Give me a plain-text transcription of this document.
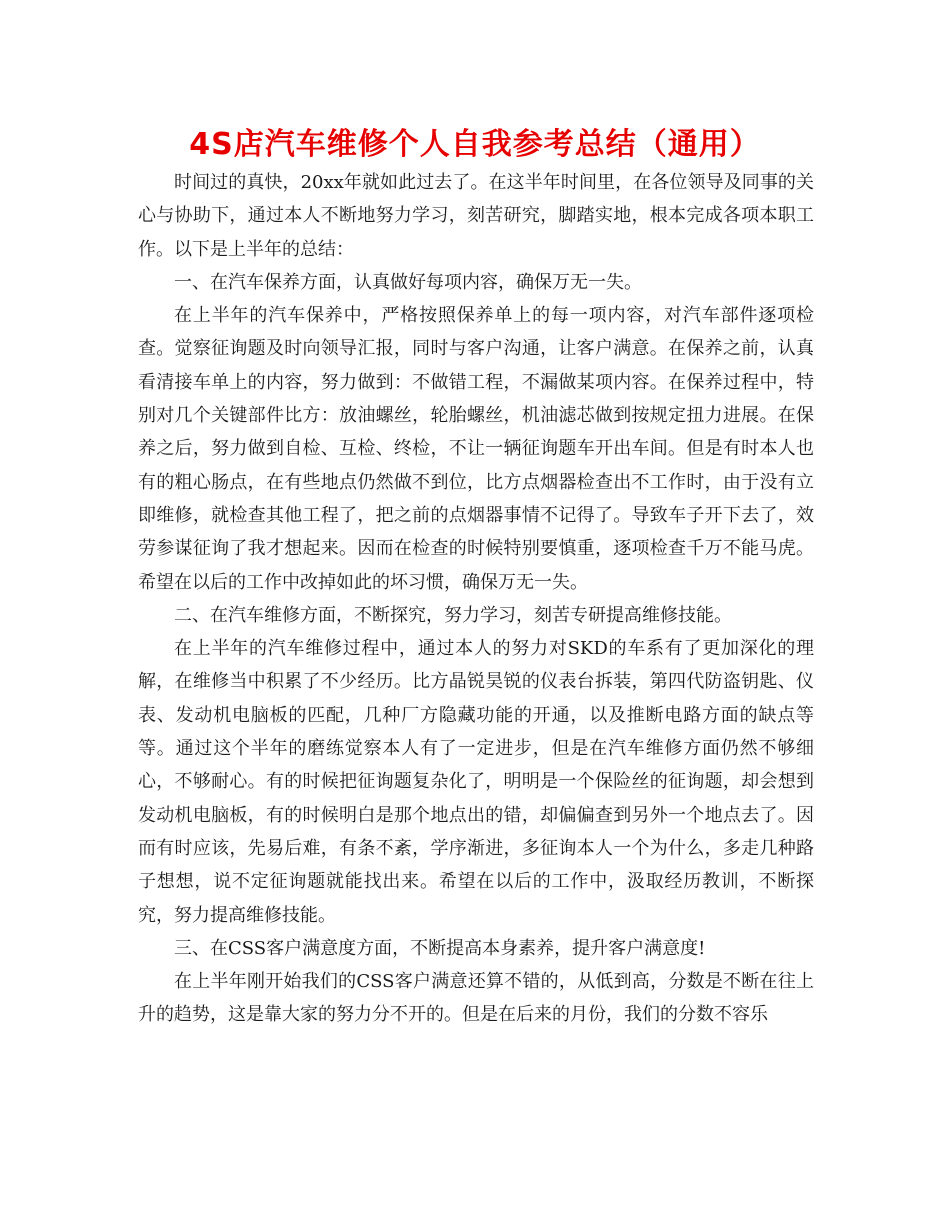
4S店汽车维修个人自我参考总结（通用）

时间过的真快，20xx年就如此过去了。在这半年时间里，在各位领导及同事的关心与协助下，通过本人不断地努力学习，刻苦研究，脚踏实地，根本完成各项本职工作。以下是上半年的总结：

一、在汽车保养方面，认真做好每项内容，确保万无一失。

在上半年的汽车保养中，严格按照保养单上的每一项内容，对汽车部件逐项检查。觉察征询题及时向领导汇报，同时与客户沟通，让客户满意。在保养之前，认真看清接车单上的内容，努力做到：不做错工程，不漏做某项内容。在保养过程中，特别对几个关键部件比方：放油螺丝，轮胎螺丝，机油滤芯做到按规定扭力进展。在保养之后，努力做到自检、互检、终检，不让一辆征询题车开出车间。但是有时本人也有的粗心肠点，在有些地点仍然做不到位，比方点烟器检查出不工作时，由于没有立即维修，就检查其他工程了，把之前的点烟器事情不记得了。导致车子开下去了，效劳参谋征询了我才想起来。因而在检查的时候特别要慎重，逐项检查千万不能马虎。希望在以后的工作中改掉如此的坏习惯，确保万无一失。

二、在汽车维修方面，不断探究，努力学习，刻苦专研提高维修技能。

在上半年的汽车维修过程中，通过本人的努力对SKD的车系有了更加深化的理解，在维修当中积累了不少经历。比方晶锐昊锐的仪表台拆装，第四代防盗钥匙、仪表、发动机电脑板的匹配，几种厂方隐藏功能的开通，以及推断电路方面的缺点等等。通过这个半年的磨练觉察本人有了一定进步，但是在汽车维修方面仍然不够细心，不够耐心。有的时候把征询题复杂化了，明明是一个保险丝的征询题，却会想到发动机电脑板，有的时候明白是那个地点出的错，却偏偏查到另外一个地点去了。因而有时应该，先易后难，有条不紊，学序渐进，多征询本人一个为什么，多走几种路子想想，说不定征询题就能找出来。希望在以后的工作中，汲取经历教训，不断探究，努力提高维修技能。

三、在CSS客户满意度方面，不断提高本身素养，提升客户满意度!

在上半年刚开始我们的CSS客户满意还算不错的，从低到高，分数是不断在往上升的趋势，这是靠大家的努力分不开的。但是在后来的月份，我们的分数不容乐
